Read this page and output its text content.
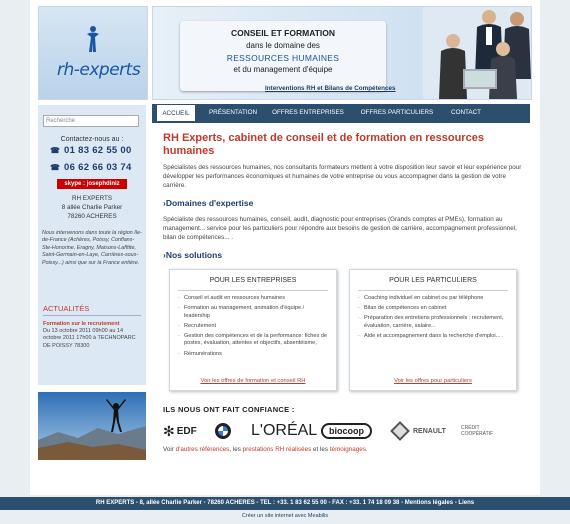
rh-experts
Recherche
Contactez-nous au :
☎ 01 83 62 55 00
☎ 06 62 66 03 74
skype : josephdiniz
RH EXPERTS
8 allée Charlie Parker
78260 ACHERES
Nous intervenons dans toute la région Ile-de-France (Achères, Poissy, Conflans-Ste-Honorine, Eragny, Maisons-Laffitte, Saint-Germain-en-Laye, Carrières-sous-Poissy...) ainsi que sur la France entière.
ACTUALITÉS
Formation sur le recrutement
Du 13 octobre 2011 09h00 au 14 octobre 2011 17h00 à TECHNOPARC DE POISSY 78300
CONSEIL ET FORMATION
dans le domaine des
RESSOURCES HUMAINES
et du management d'équipe
Interventions RH et Bilans de Compétences
ACCUEIL	PRÉSENTATION	OFFRES ENTREPRISES	OFFRES PARTICULIERS	CONTACT
RH Experts, cabinet de conseil et de formation en ressources humaines
Spécialistes des ressources humaines, nos consultants formateurs mettent à votre disposition leur savoir et leur expérience pour développer les performances économiques et humaines de votre entreprise ou vous accompagner dans la gestion de votre carrière.
›Domaines d'expertise
Spécialiste des ressources humaines, conseil, audit, diagnostic pour entreprises (Grands comptes et PMEs), formation au management... service pour les particuliers pour répondre aux besoins de gestion de carrière, accompagnement professionnel, bilan de compétences... .
›Nos solutions
POUR LES ENTREPRISES
· Conseil et audit en ressources humaines
· Formation au management, animation d'équipe / leadership
· Recrutement
· Gestion des compétences et de la performance: fiches de postes, évaluation, attentes et objectifs, absentéisme,
· Rémunérations
Voir les offres de formation et conseil RH
POUR LES PARTICULIERS
· Coaching individuel en cabinet ou par téléphone
· Bilan de compétences en cabinet
· Préparation des entretiens professionnels : recrutement, évaluation, carrière, salaire...
· Aide et accompagnement dans la recherche d'emploi... .
Voir les offres pour particuliers
ILS NOUS ONT FAIT CONFIANCE :
✻ EDF	L'ORÉAL	biocoop	RENAULT	CRÉDIT COOPÉRATIF
Voir d'autres références, les prestations RH réalisées et les témoignages.
RH EXPERTS - 8, allée Charlie Parker - 78260 ACHERES - TEL : +33. 1 83 62 55 00 - FAX : +33. 1 74 18 09 38 - Mentions légales - Liens
Créer un site internet avec Meabilis
